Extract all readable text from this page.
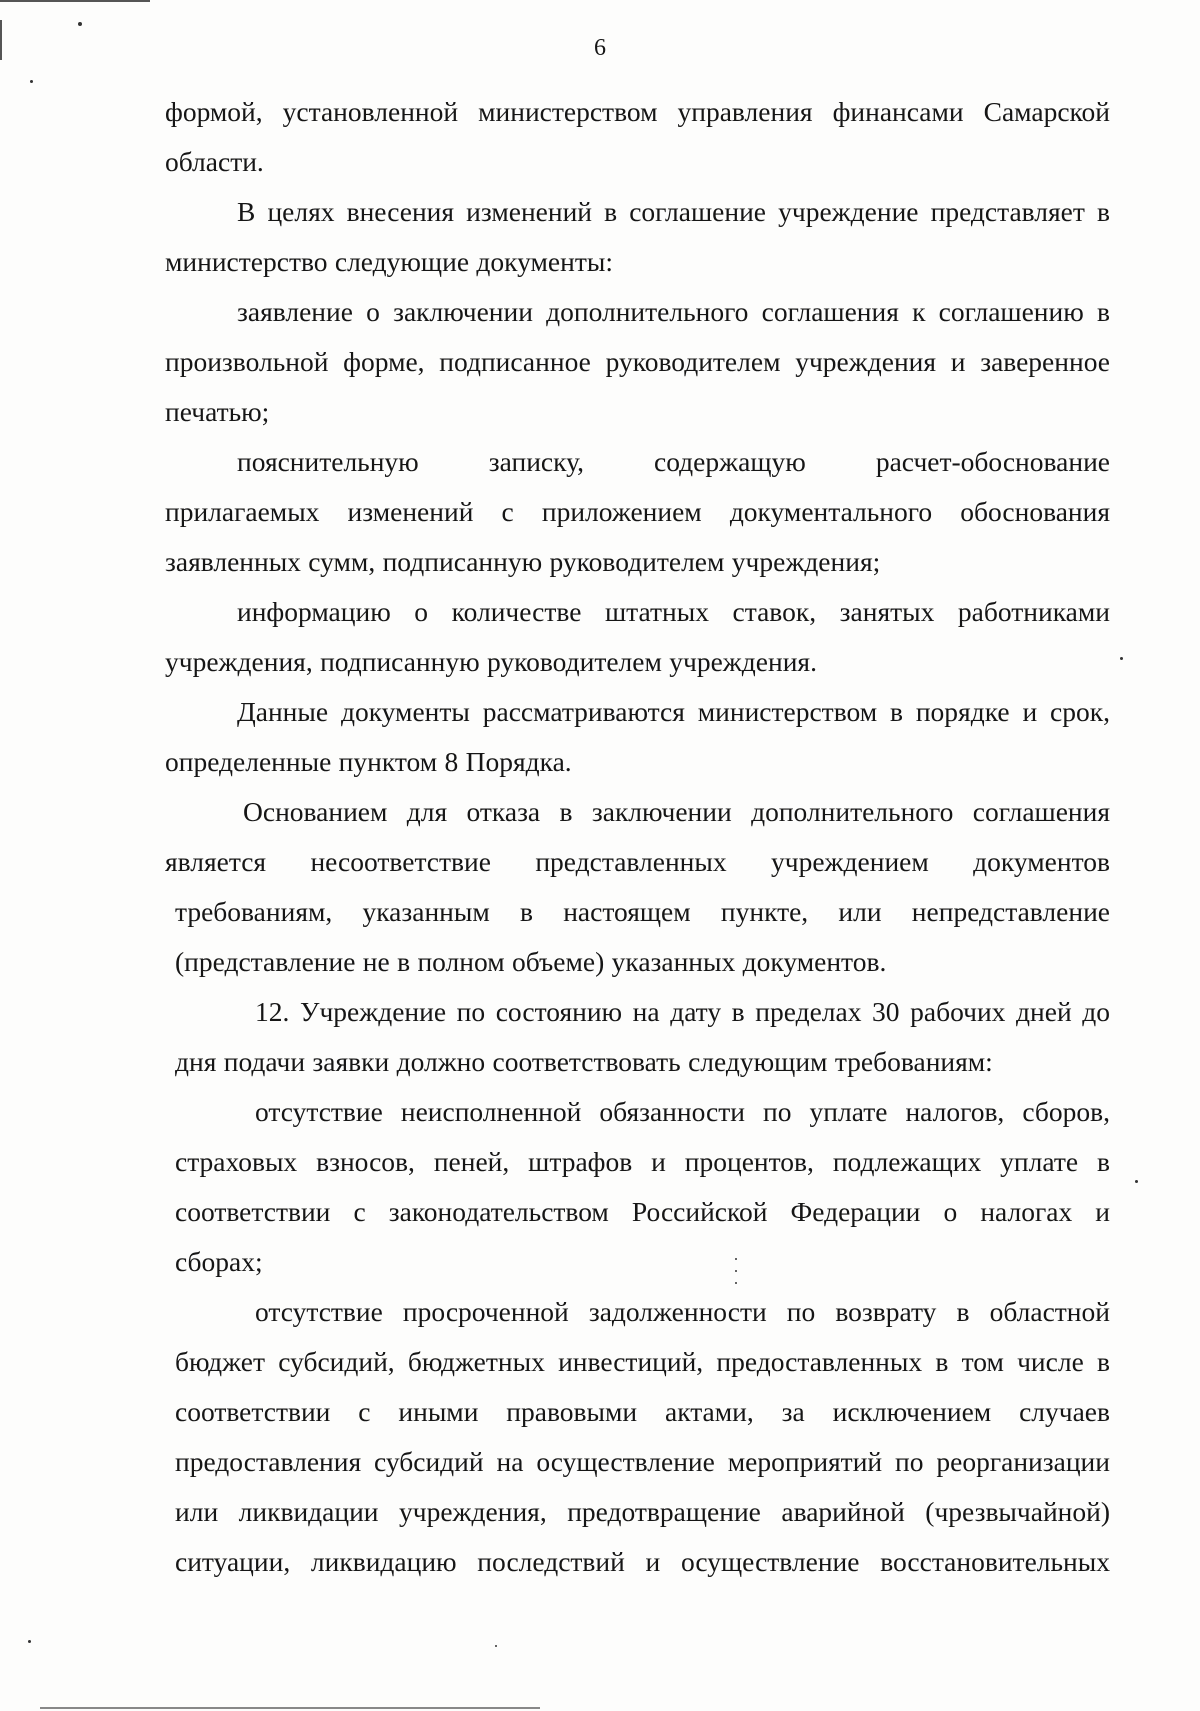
6
формой, установленной министерством управления финансами Самарской
области.
В целях внесения изменений в соглашение учреждение представляет в
министерство следующие документы:
заявление о заключении дополнительного соглашения к соглашению в
произвольной форме, подписанное руководителем учреждения и заверенное
печатью;
пояснительную записку, содержащую расчет-обоснование
прилагаемых изменений с приложением документального обоснования
заявленных сумм, подписанную руководителем учреждения;
информацию о количестве штатных ставок, занятых работниками
учреждения, подписанную руководителем учреждения.
Данные документы рассматриваются министерством в порядке и срок,
определенные пунктом 8 Порядка.
Основанием для отказа в заключении дополнительного соглашения
является несоответствие представленных учреждением документов
требованиям, указанным в настоящем пункте, или непредставление
(представление не в полном объеме) указанных документов.
12. Учреждение по состоянию на дату в пределах 30 рабочих дней до
дня подачи заявки должно соответствовать следующим требованиям:
отсутствие неисполненной обязанности по уплате налогов, сборов,
страховых взносов, пеней, штрафов и процентов, подлежащих уплате в
соответствии с законодательством Российской Федерации о налогах и
сборах;
отсутствие просроченной задолженности по возврату в областной
бюджет субсидий, бюджетных инвестиций, предоставленных в том числе в
соответствии с иными правовыми актами, за исключением случаев
предоставления субсидий на осуществление мероприятий по реорганизации
или ликвидации учреждения, предотвращение аварийной (чрезвычайной)
ситуации, ликвидацию последствий и осуществление восстановительных
